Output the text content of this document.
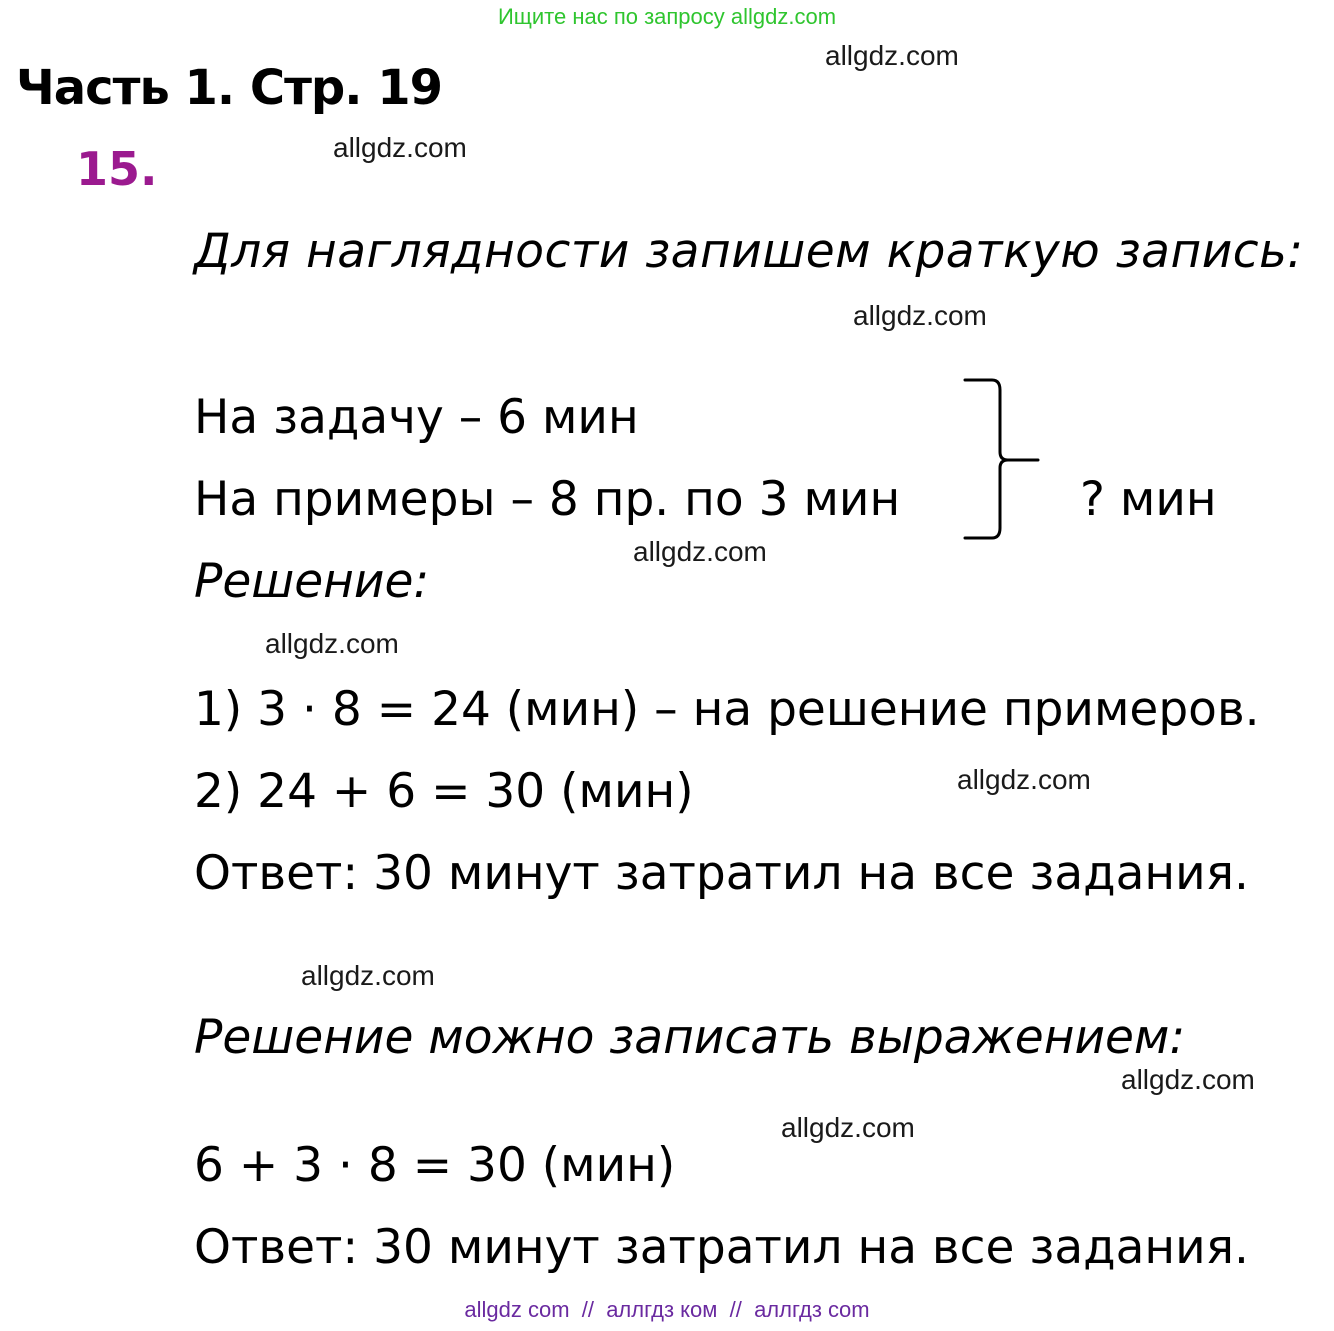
Ищите нас по запросу allgdz.com
allgdz.com
allgdz.com
allgdz.com
allgdz.com
allgdz.com
allgdz.com
allgdz.com
allgdz.com
allgdz.com
Часть 1. Стр. 19
15.
Для наглядности запишем краткую запись:
На задачу – 6 мин
На примеры – 8 пр. по 3 мин	? мин
Решение:
1) 3 · 8 = 24 (мин) – на решение примеров.
2) 24 + 6 = 30 (мин)
Ответ: 30 минут затратил на все задания.
Решение можно записать выражением:
6 + 3 · 8 = 30 (мин)
Ответ: 30 минут затратил на все задания.
allgdz com  //  аллгдз ком  //  аллгдз com
